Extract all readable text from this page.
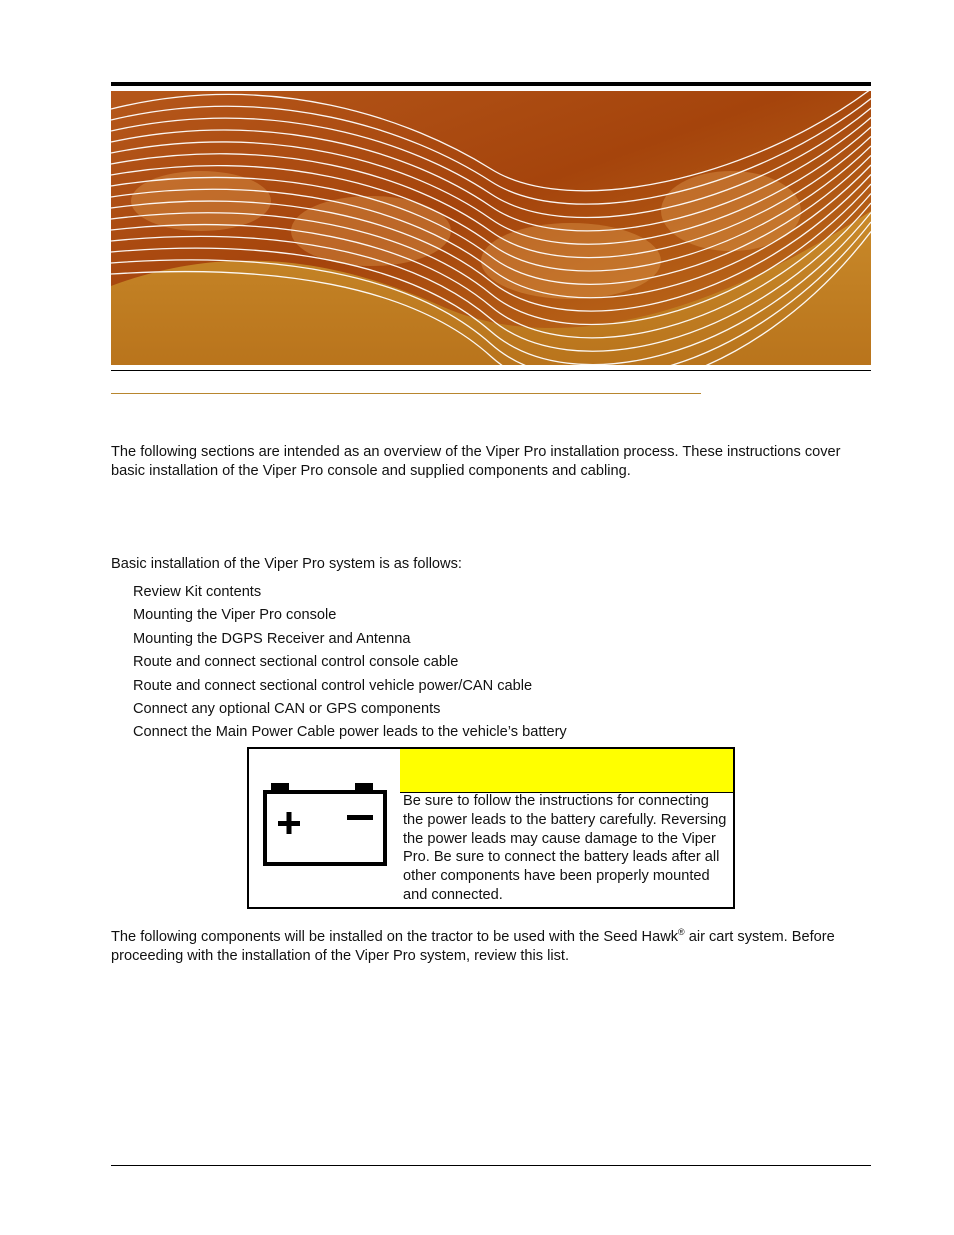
The following sections are intended as an overview of the Viper Pro installation process. These instructions cover basic installation of the Viper Pro console and supplied components and cabling.

Basic installation of the Viper Pro system is as follows:

Review Kit contents
Mounting the Viper Pro console
Mounting the DGPS Receiver and Antenna
Route and connect sectional control console cable
Route and connect sectional control vehicle power/CAN cable
Connect any optional CAN or GPS components
Connect the Main Power Cable power leads to the vehicle’s battery

Be sure to follow the instructions for connecting the power leads to the battery carefully. Reversing the power leads may cause damage to the Viper Pro. Be sure to connect the battery leads after all other components have been properly mounted and connected.

The following components will be installed on the tractor to be used with the Seed Hawk® air cart system. Before proceeding with the installation of the Viper Pro system, review this list.
